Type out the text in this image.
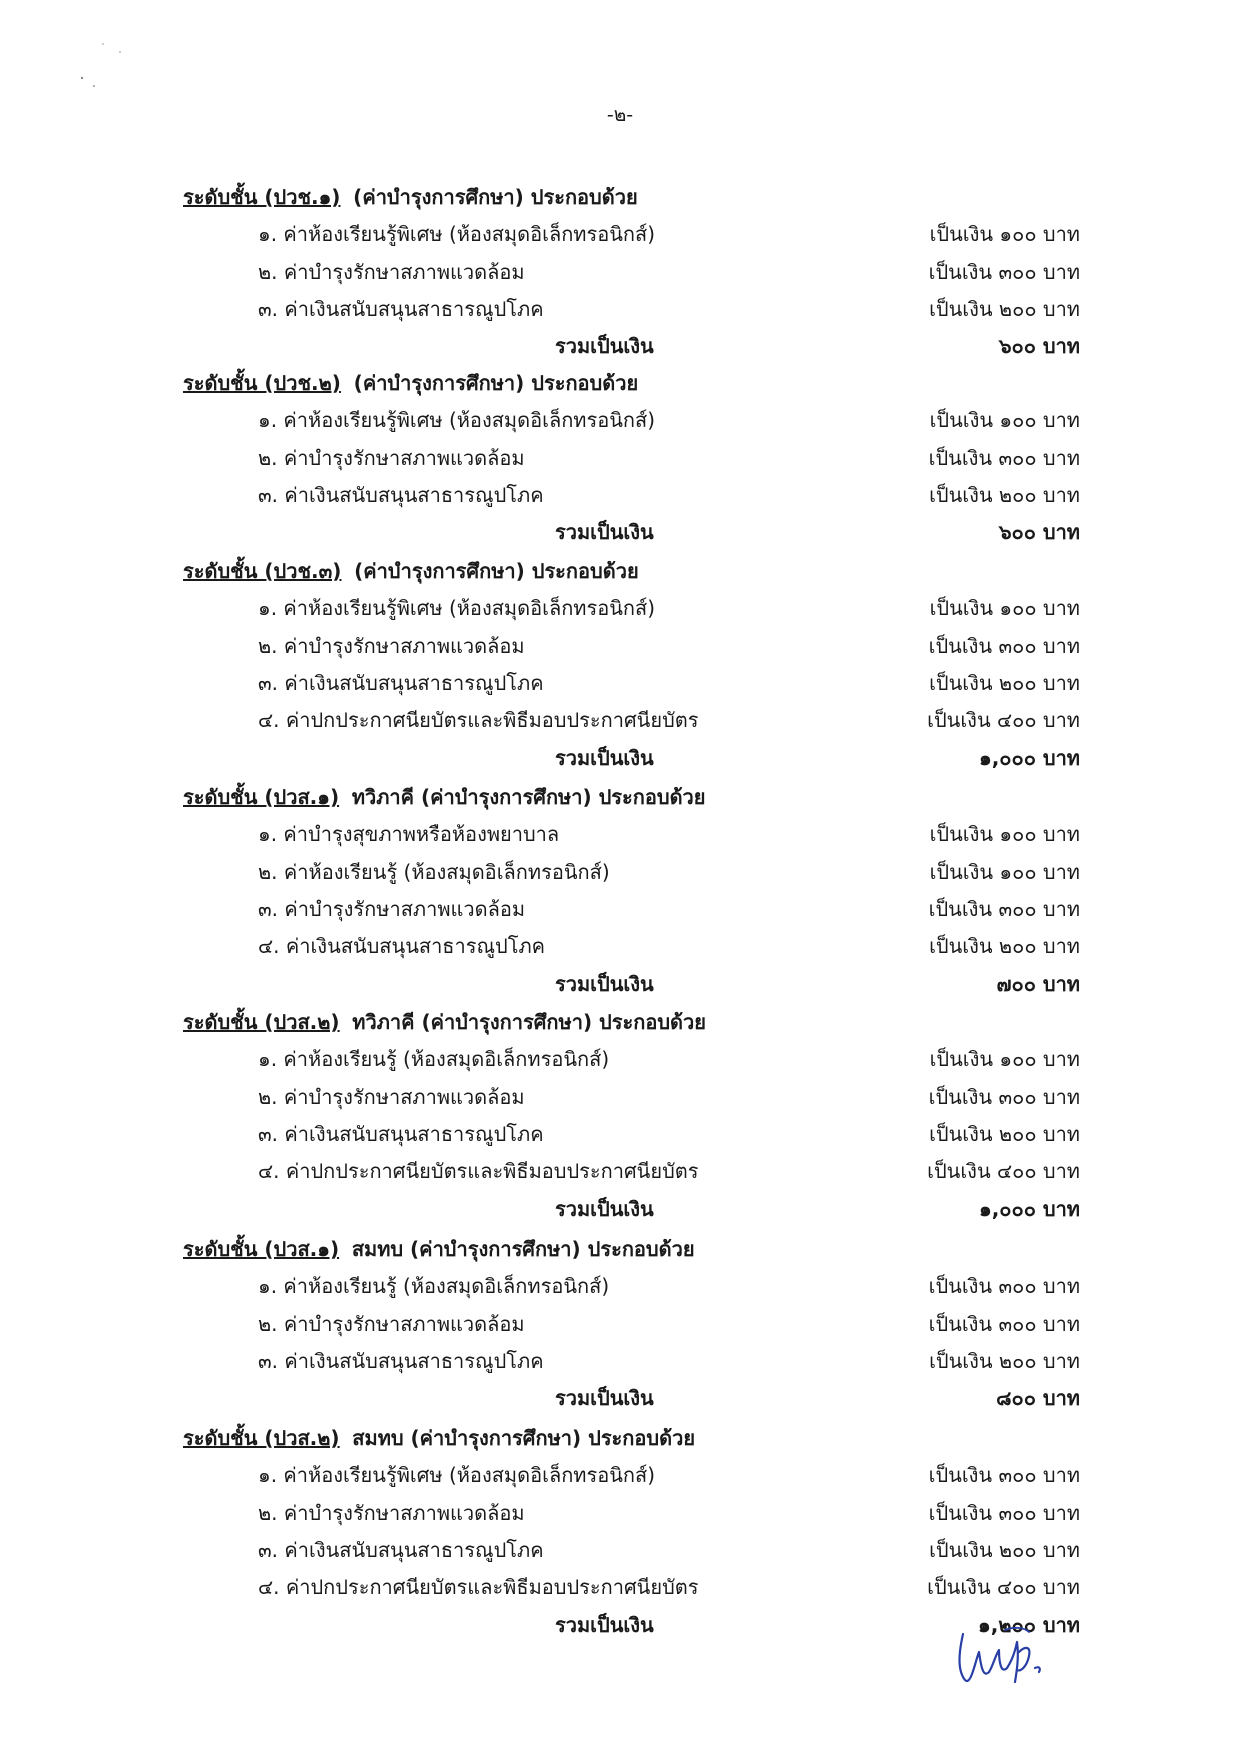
-๒-
ระดับชั้น (ปวช.๑) (ค่าบำรุงการศึกษา) ประกอบด้วย
๑. ค่าห้องเรียนรู้พิเศษ (ห้องสมุดอิเล็กทรอนิกส์)	เป็นเงิน ๑๐๐ บาท
๒. ค่าบำรุงรักษาสภาพแวดล้อม	เป็นเงิน ๓๐๐ บาท
๓. ค่าเงินสนับสนุนสาธารณูปโภค	เป็นเงิน ๒๐๐ บาท
รวมเป็นเงิน	๖๐๐ บาท
ระดับชั้น (ปวช.๒) (ค่าบำรุงการศึกษา) ประกอบด้วย
๑. ค่าห้องเรียนรู้พิเศษ (ห้องสมุดอิเล็กทรอนิกส์)	เป็นเงิน ๑๐๐ บาท
๒. ค่าบำรุงรักษาสภาพแวดล้อม	เป็นเงิน ๓๐๐ บาท
๓. ค่าเงินสนับสนุนสาธารณูปโภค	เป็นเงิน ๒๐๐ บาท
รวมเป็นเงิน	๖๐๐ บาท
ระดับชั้น (ปวช.๓) (ค่าบำรุงการศึกษา) ประกอบด้วย
๑. ค่าห้องเรียนรู้พิเศษ (ห้องสมุดอิเล็กทรอนิกส์)	เป็นเงิน ๑๐๐ บาท
๒. ค่าบำรุงรักษาสภาพแวดล้อม	เป็นเงิน ๓๐๐ บาท
๓. ค่าเงินสนับสนุนสาธารณูปโภค	เป็นเงิน ๒๐๐ บาท
๔. ค่าปกประกาศนียบัตรและพิธีมอบประกาศนียบัตร	เป็นเงิน ๔๐๐ บาท
รวมเป็นเงิน	๑,๐๐๐ บาท
ระดับชั้น (ปวส.๑) ทวิภาคี (ค่าบำรุงการศึกษา) ประกอบด้วย
๑. ค่าบำรุงสุขภาพหรือห้องพยาบาล	เป็นเงิน ๑๐๐ บาท
๒. ค่าห้องเรียนรู้ (ห้องสมุดอิเล็กทรอนิกส์)	เป็นเงิน ๑๐๐ บาท
๓. ค่าบำรุงรักษาสภาพแวดล้อม	เป็นเงิน ๓๐๐ บาท
๔. ค่าเงินสนับสนุนสาธารณูปโภค	เป็นเงิน ๒๐๐ บาท
รวมเป็นเงิน	๗๐๐ บาท
ระดับชั้น (ปวส.๒) ทวิภาคี (ค่าบำรุงการศึกษา) ประกอบด้วย
๑. ค่าห้องเรียนรู้ (ห้องสมุดอิเล็กทรอนิกส์)	เป็นเงิน ๑๐๐ บาท
๒. ค่าบำรุงรักษาสภาพแวดล้อม	เป็นเงิน ๓๐๐ บาท
๓. ค่าเงินสนับสนุนสาธารณูปโภค	เป็นเงิน ๒๐๐ บาท
๔. ค่าปกประกาศนียบัตรและพิธีมอบประกาศนียบัตร	เป็นเงิน ๔๐๐ บาท
รวมเป็นเงิน	๑,๐๐๐ บาท
ระดับชั้น (ปวส.๑) สมทบ (ค่าบำรุงการศึกษา) ประกอบด้วย
๑. ค่าห้องเรียนรู้ (ห้องสมุดอิเล็กทรอนิกส์)	เป็นเงิน ๓๐๐ บาท
๒. ค่าบำรุงรักษาสภาพแวดล้อม	เป็นเงิน ๓๐๐ บาท
๓. ค่าเงินสนับสนุนสาธารณูปโภค	เป็นเงิน ๒๐๐ บาท
รวมเป็นเงิน	๘๐๐ บาท
ระดับชั้น (ปวส.๒) สมทบ (ค่าบำรุงการศึกษา) ประกอบด้วย
๑. ค่าห้องเรียนรู้พิเศษ (ห้องสมุดอิเล็กทรอนิกส์)	เป็นเงิน ๓๐๐ บาท
๒. ค่าบำรุงรักษาสภาพแวดล้อม	เป็นเงิน ๓๐๐ บาท
๓. ค่าเงินสนับสนุนสาธารณูปโภค	เป็นเงิน ๒๐๐ บาท
๔. ค่าปกประกาศนียบัตรและพิธีมอบประกาศนียบัตร	เป็นเงิน ๔๐๐ บาท
รวมเป็นเงิน	๑,๒๐๐ บาท
